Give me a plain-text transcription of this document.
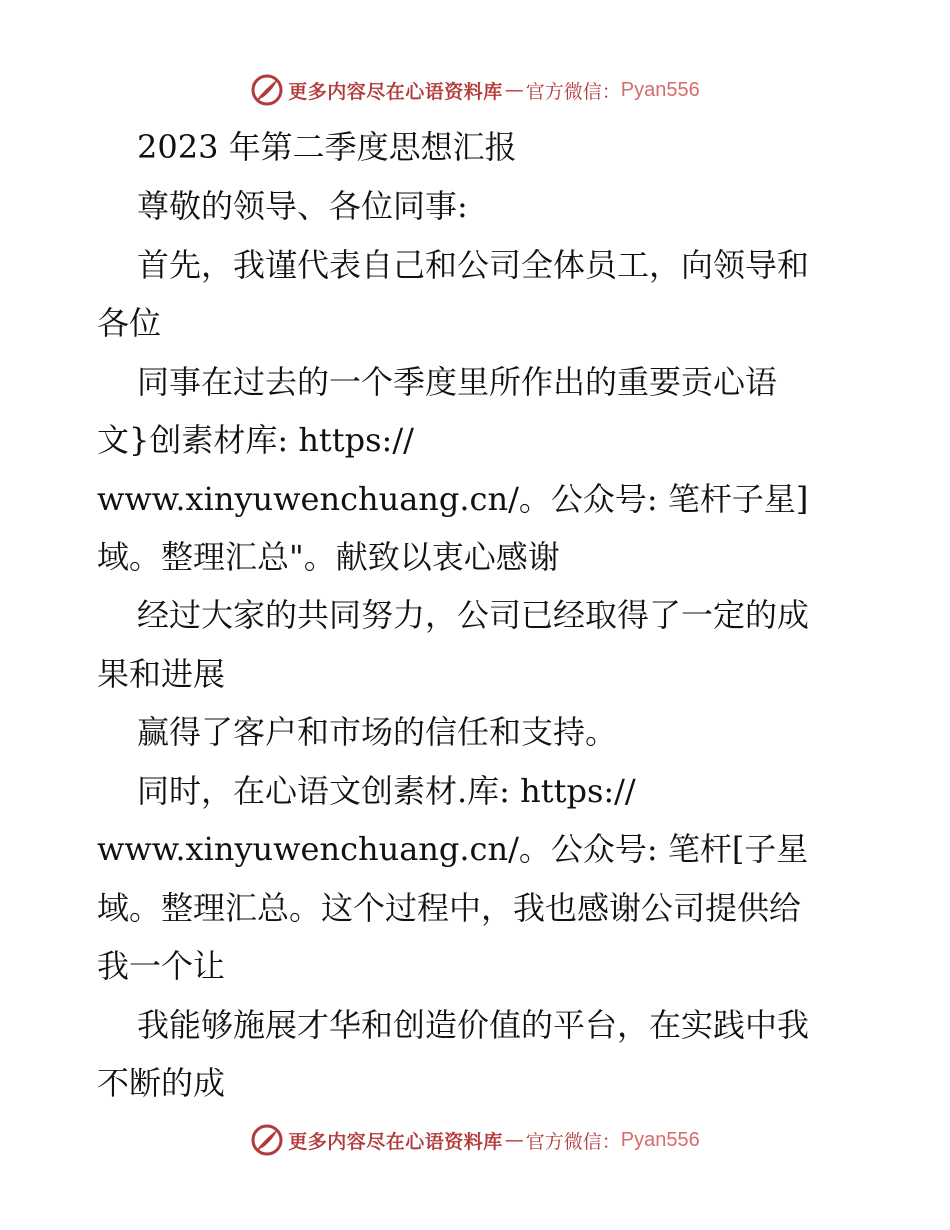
更多内容尽在心语资料库 — 官方微信： Pyan556
2023 年第二季度思想汇报
尊敬的领导、各位同事:
首先，我谨代表自己和公司全体员工，向领导和
各位
同事在过去的一个季度里所作出的重要贡心语
文}创素材库: https://
www.xinyuwenchuang.cn/。公众号: 笔杆子星]
域。整理汇总"。献致以衷心感谢
经过大家的共同努力，公司已经取得了一定的成
果和进展
赢得了客户和市场的信任和支持。
同时，在心语文创素材.库: https://
www.xinyuwenchuang.cn/。公众号: 笔杆[子星
域。整理汇总。这个过程中，我也感谢公司提供给
我一个让
我能够施展才华和创造价值的平台，在实践中我
不断的成
更多内容尽在心语资料库 — 官方微信： Pyan556
